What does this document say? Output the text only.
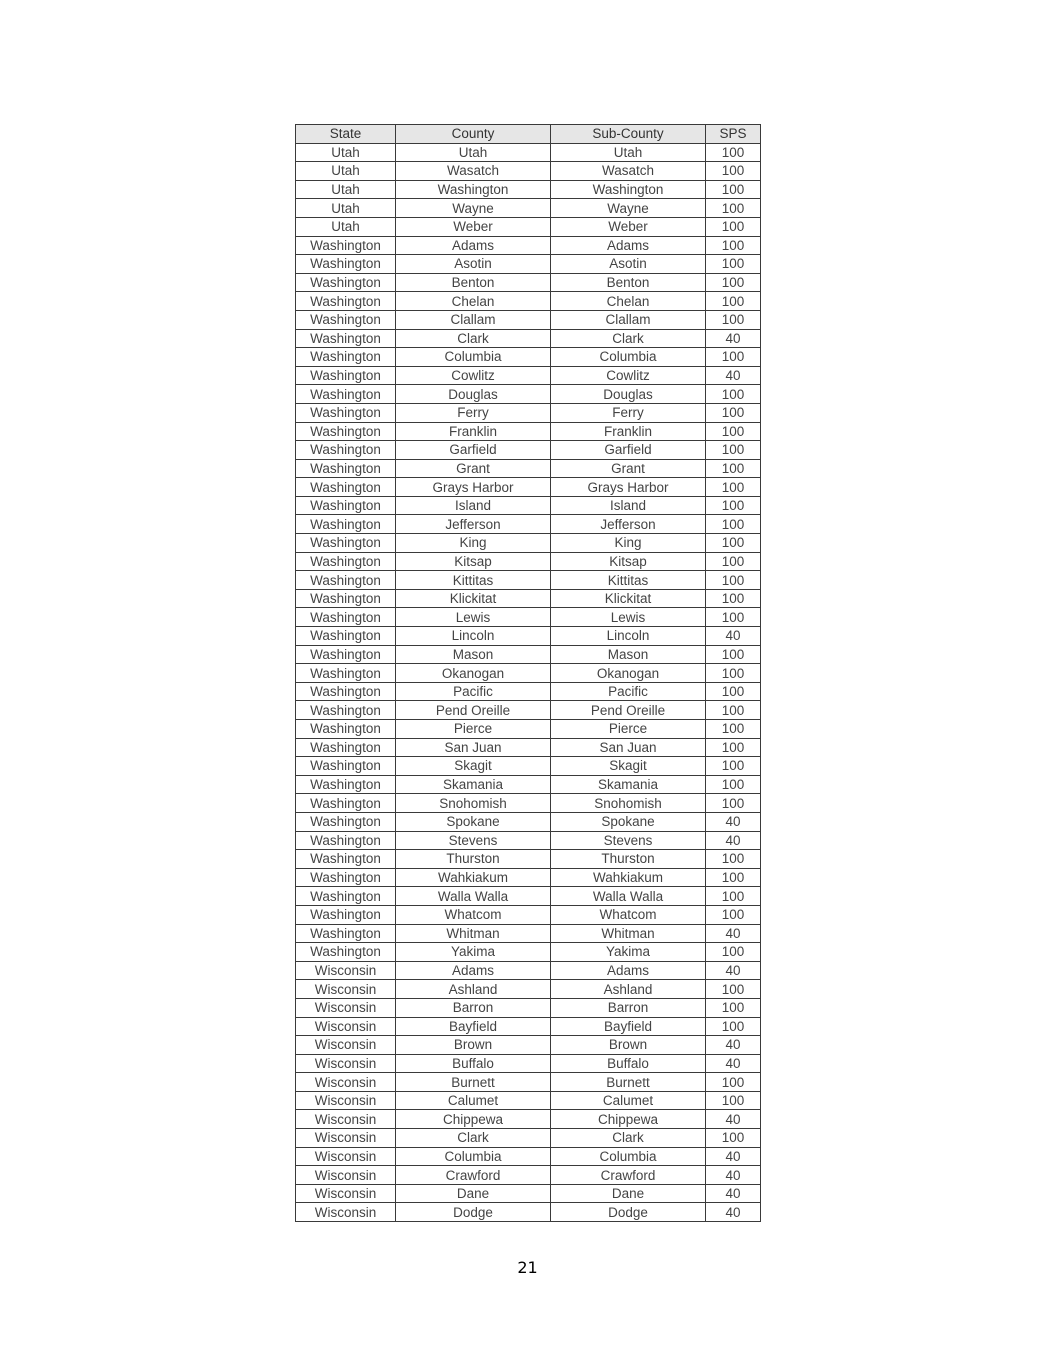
State	County	Sub-County	SPS
Utah	Utah	Utah	100
Utah	Wasatch	Wasatch	100
Utah	Washington	Washington	100
Utah	Wayne	Wayne	100
Utah	Weber	Weber	100
Washington	Adams	Adams	100
Washington	Asotin	Asotin	100
Washington	Benton	Benton	100
Washington	Chelan	Chelan	100
Washington	Clallam	Clallam	100
Washington	Clark	Clark	40
Washington	Columbia	Columbia	100
Washington	Cowlitz	Cowlitz	40
Washington	Douglas	Douglas	100
Washington	Ferry	Ferry	100
Washington	Franklin	Franklin	100
Washington	Garfield	Garfield	100
Washington	Grant	Grant	100
Washington	Grays Harbor	Grays Harbor	100
Washington	Island	Island	100
Washington	Jefferson	Jefferson	100
Washington	King	King	100
Washington	Kitsap	Kitsap	100
Washington	Kittitas	Kittitas	100
Washington	Klickitat	Klickitat	100
Washington	Lewis	Lewis	100
Washington	Lincoln	Lincoln	40
Washington	Mason	Mason	100
Washington	Okanogan	Okanogan	100
Washington	Pacific	Pacific	100
Washington	Pend Oreille	Pend Oreille	100
Washington	Pierce	Pierce	100
Washington	San Juan	San Juan	100
Washington	Skagit	Skagit	100
Washington	Skamania	Skamania	100
Washington	Snohomish	Snohomish	100
Washington	Spokane	Spokane	40
Washington	Stevens	Stevens	40
Washington	Thurston	Thurston	100
Washington	Wahkiakum	Wahkiakum	100
Washington	Walla Walla	Walla Walla	100
Washington	Whatcom	Whatcom	100
Washington	Whitman	Whitman	40
Washington	Yakima	Yakima	100
Wisconsin	Adams	Adams	40
Wisconsin	Ashland	Ashland	100
Wisconsin	Barron	Barron	100
Wisconsin	Bayfield	Bayfield	100
Wisconsin	Brown	Brown	40
Wisconsin	Buffalo	Buffalo	40
Wisconsin	Burnett	Burnett	100
Wisconsin	Calumet	Calumet	100
Wisconsin	Chippewa	Chippewa	40
Wisconsin	Clark	Clark	100
Wisconsin	Columbia	Columbia	40
Wisconsin	Crawford	Crawford	40
Wisconsin	Dane	Dane	40
Wisconsin	Dodge	Dodge	40
21
